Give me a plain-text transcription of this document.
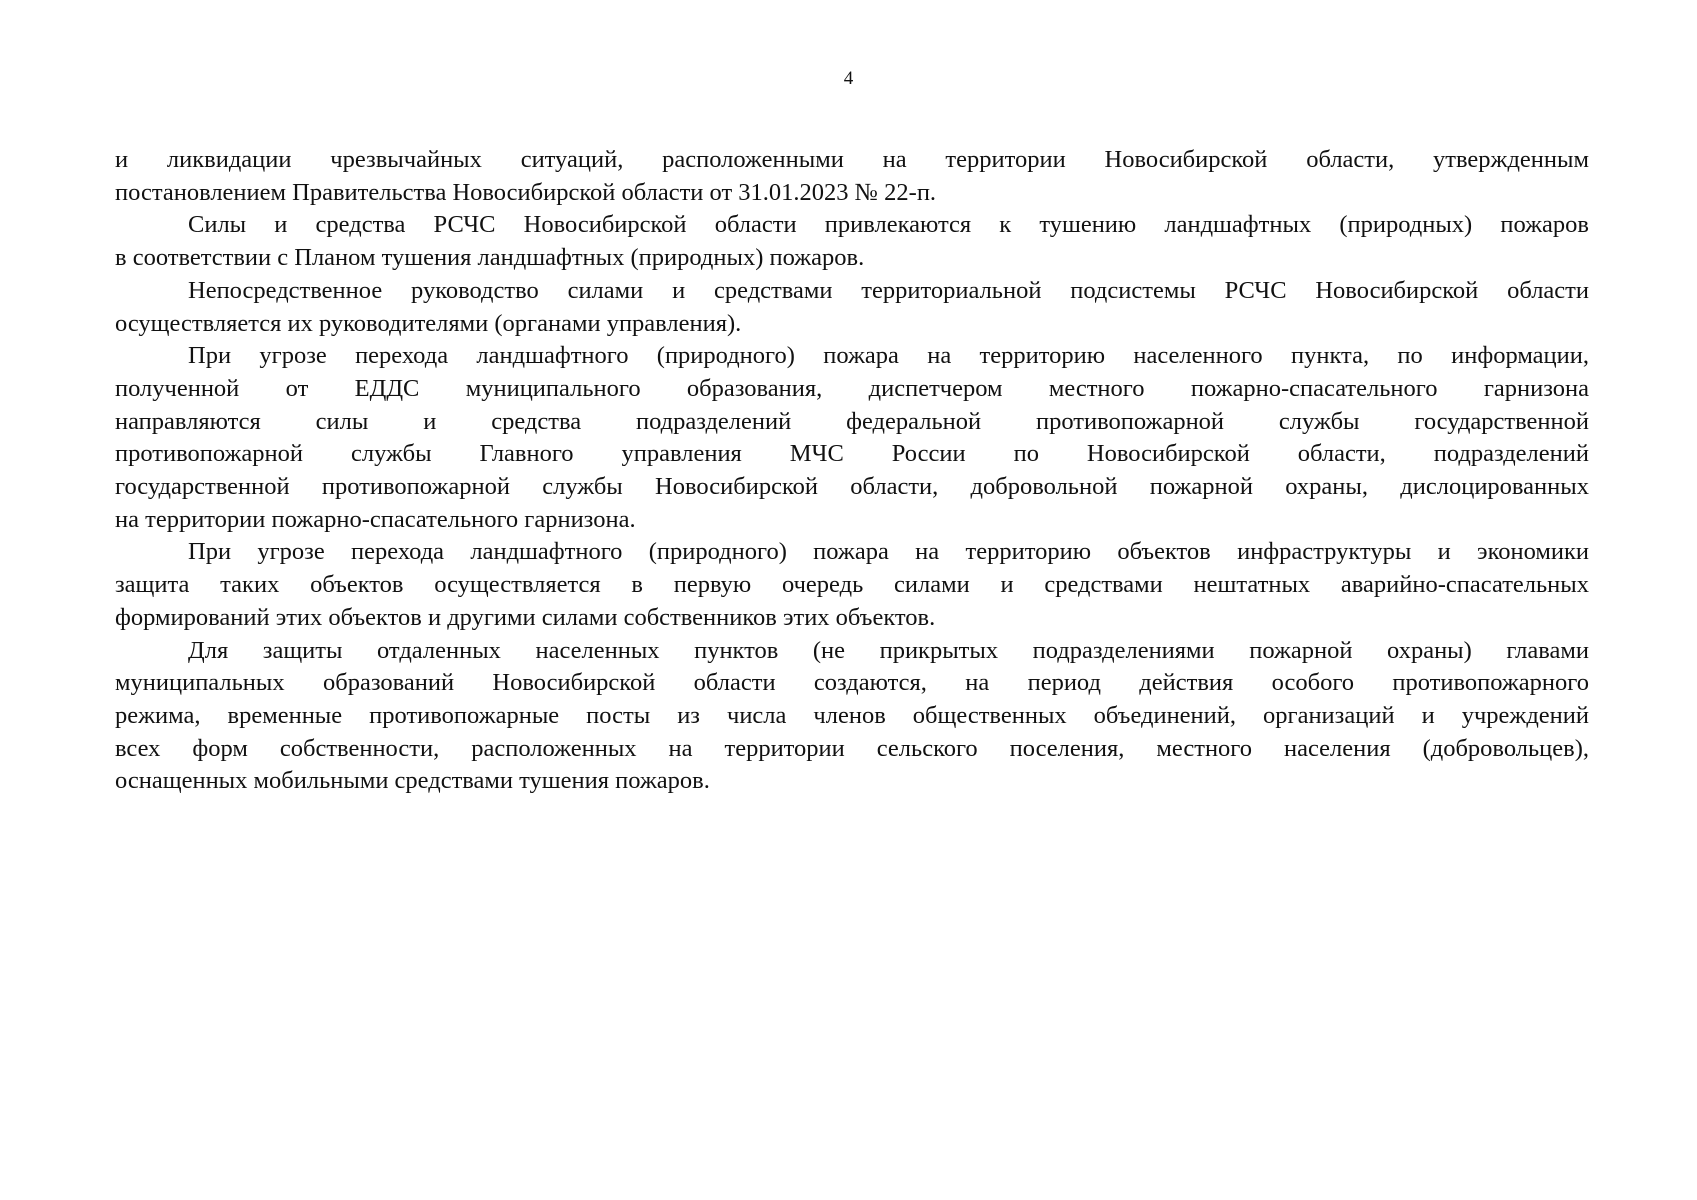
4
и ликвидации чрезвычайных ситуаций, расположенными на территории Новосибирской области, утвержденным
постановлением Правительства Новосибирской области от 31.01.2023 № 22-п.
Силы и средства РСЧС Новосибирской области привлекаются к тушению ландшафтных (природных) пожаров
в соответствии с Планом тушения ландшафтных (природных) пожаров.
Непосредственное руководство силами и средствами территориальной подсистемы РСЧС Новосибирской области
осуществляется их руководителями (органами управления).
При угрозе перехода ландшафтного (природного) пожара на территорию населенного пункта, по информации,
полученной от ЕДДС муниципального образования, диспетчером местного пожарно-спасательного гарнизона
направляются силы и средства подразделений федеральной противопожарной службы государственной
противопожарной службы Главного управления МЧС России по Новосибирской области, подразделений
государственной противопожарной службы Новосибирской области, добровольной пожарной охраны, дислоцированных
на территории пожарно-спасательного гарнизона.
При угрозе перехода ландшафтного (природного) пожара на территорию объектов инфраструктуры и экономики
защита таких объектов осуществляется в первую очередь силами и средствами нештатных аварийно-спасательных
формирований этих объектов и другими силами собственников этих объектов.
Для защиты отдаленных населенных пунктов (не прикрытых подразделениями пожарной охраны) главами
муниципальных образований Новосибирской области создаются, на период действия особого противопожарного
режима, временные противопожарные посты из числа членов общественных объединений, организаций и учреждений
всех форм собственности, расположенных на территории сельского поселения, местного населения (добровольцев),
оснащенных мобильными средствами тушения пожаров.
